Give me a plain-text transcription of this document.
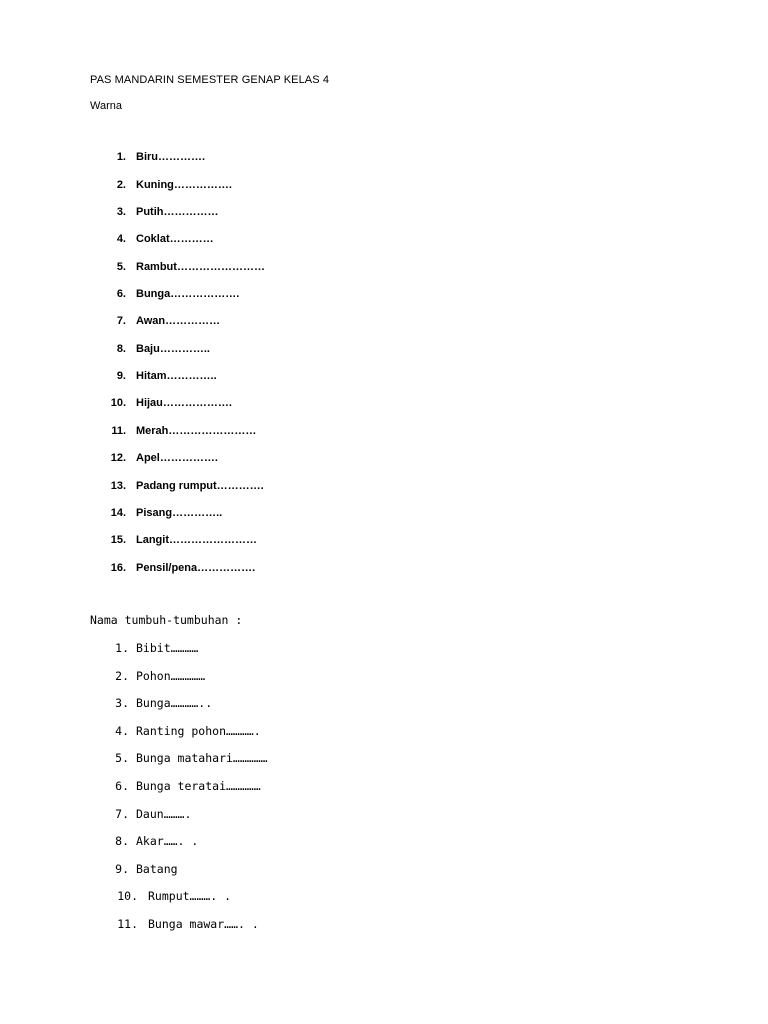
PAS MANDARIN SEMESTER GENAP KELAS 4
Warna
1. Biru………….
2. Kuning…………….
3. Putih……………
4. Coklat…………
5. Rambut……………………
6. Bunga……………….
7. Awan……………
8. Baju…………..
9. Hitam…………..
10. Hijau……………….
11. Merah……………………
12. Apel…………….
13. Padang rumput………….
14. Pisang…………..
15. Langit……………………
16. Pensil/pena…………….
Nama tumbuh-tumbuhan :
1. Bibit…………
2. Pohon……………
3. Bunga…………..
4. Ranting pohon………….
5. Bunga matahari……………
6. Bunga teratai……………
7. Daun……….
8. Akar……. .
9. Batang
10. Rumput………. .
11. Bunga mawar……. .
